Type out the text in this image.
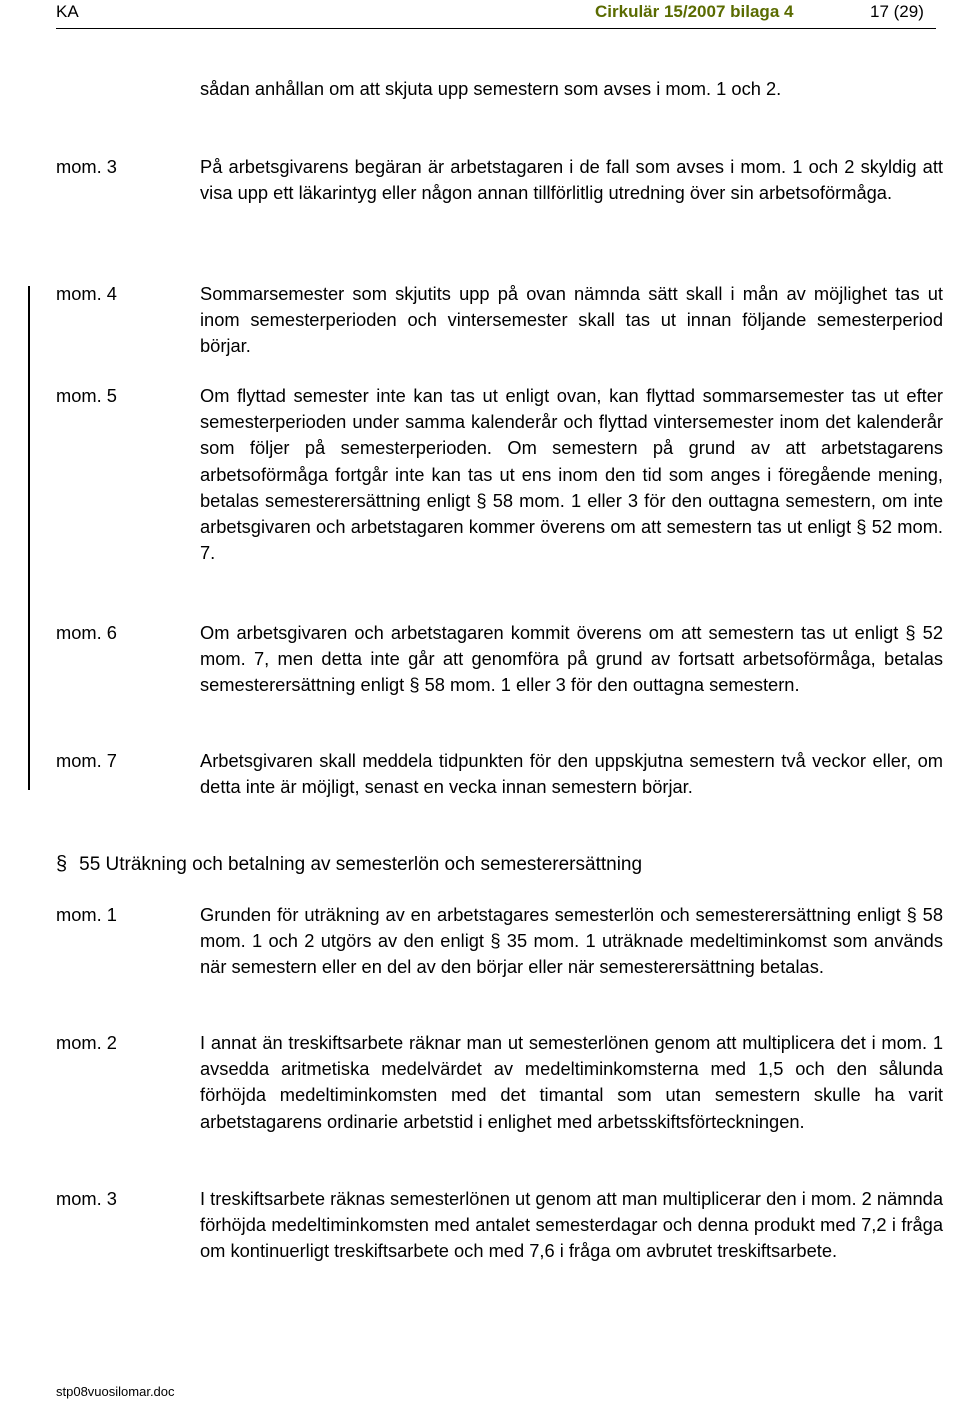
KA	Cirkulär 15/2007 bilaga 4	17 (29)
sådan anhållan om att skjuta upp semestern som avses i mom. 1 och 2.
mom. 3	På arbetsgivarens begäran är arbetstagaren i de fall som avses i mom. 1 och 2 skyldig att visa upp ett läkarintyg eller någon annan tillförlitlig utredning över sin arbetsoförmåga.
mom. 4	Sommarsemester som skjutits upp på ovan nämnda sätt skall i mån av möjlighet tas ut inom semesterperioden och vintersemester skall tas ut innan följande semesterperiod börjar.
mom. 5	Om flyttad semester inte kan tas ut enligt ovan, kan flyttad sommarsemester tas ut efter semesterperioden under samma kalenderår och flyttad vintersemester inom det kalenderår som följer på semesterperioden. Om semestern på grund av att arbetstagarens arbetsoförmåga fortgår inte kan tas ut ens inom den tid som anges i föregående mening, betalas semesterersättning enligt § 58 mom. 1 eller 3 för den outtagna semestern, om inte arbetsgivaren och arbetstagaren kommer överens om att semestern tas ut enligt § 52 mom. 7.
mom. 6	Om arbetsgivaren och arbetstagaren kommit överens om att semestern tas ut enligt § 52 mom. 7, men detta inte går att genomföra på grund av fortsatt arbetsoförmåga, betalas semesterersättning enligt § 58 mom. 1 eller 3 för den outtagna semestern.
mom. 7	Arbetsgivaren skall meddela tidpunkten för den uppskjutna semestern två veckor eller, om detta inte är möjligt, senast en vecka innan semestern börjar.
§ 55 Uträkning och betalning av semesterlön och semesterersättning
mom. 1	Grunden för uträkning av en arbetstagares semesterlön och semesterersättning enligt § 58 mom. 1 och 2 utgörs av den enligt § 35 mom. 1 uträknade medeltiminkomst som används när semestern eller en del av den börjar eller när semesterersättning betalas.
mom. 2	I annat än treskiftsarbete räknar man ut semesterlönen genom att multiplicera det i mom. 1 avsedda aritmetiska medelvärdet av medeltiminkomsterna med 1,5 och den sålunda förhöjda medeltiminkomsten med det timantal som utan semestern skulle ha varit arbetstagarens ordinarie arbetstid i enlighet med arbetsskiftsförteckningen.
mom. 3	I treskiftsarbete räknas semesterlönen ut genom att man multiplicerar den i mom. 2 nämnda förhöjda medeltiminkomsten med antalet semesterdagar och denna produkt med 7,2 i fråga om kontinuerligt treskiftsarbete och med 7,6 i fråga om avbrutet treskiftsarbete.
stp08vuosilomar.doc
